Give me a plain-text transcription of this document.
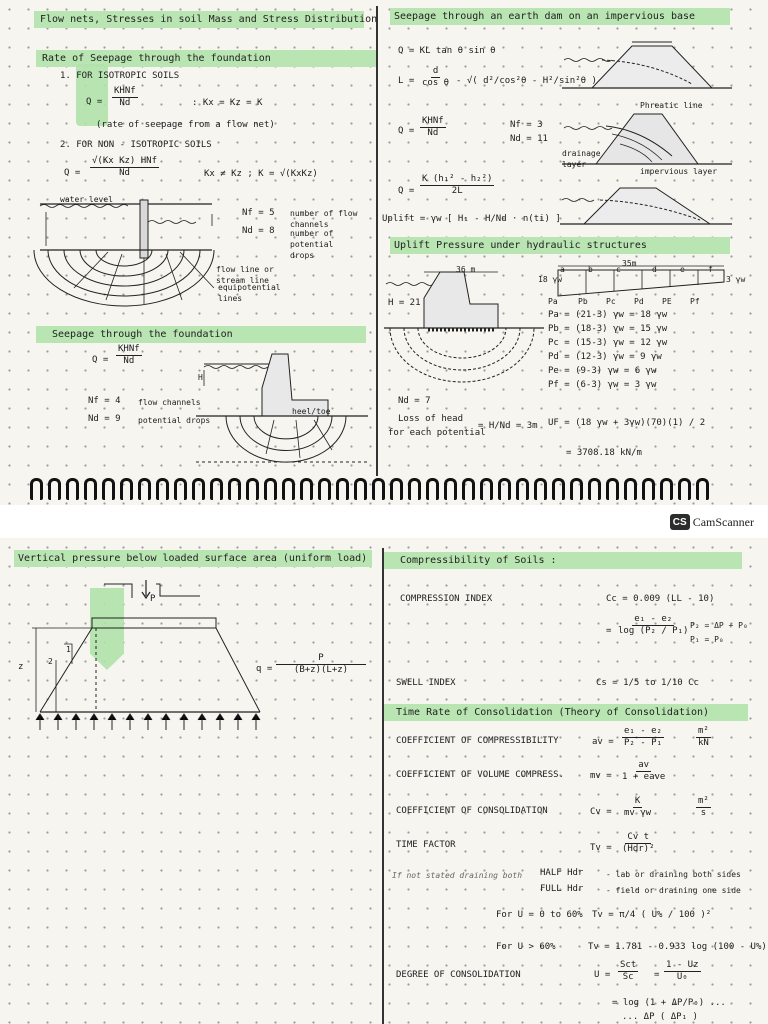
Flow nets, Stresses in soil Mass and Stress Distribution
Rate of Seepage through the foundation
1. FOR ISOTROPIC SOILS
Q =
KHNf
Nd	: Kx = Kz = K
(rate of seepage from a flow net)
2. FOR NON - ISOTROPIC SOILS
Q =
√(Kx Kz) HNf
Nd	Kx ≠ Kz ; K = √(KxKz)
water level
Nf = 5 number of flow channels
Nd = 8 number of potential drops
flow line or stream line
equipotential lines
Seepage through the foundation
Q =
KHNf
Nd
Nf = 4 flow channels
Nd = 9 potential drops
H
heel/toe
Seepage through an earth dam on an impervious base
Q = KL tan θ sin θ
$L = \frac{d}{\text{cos θ}}$ - √( d²/cos²θ - H²/sin²θ )
Q =
KHNf
Nd
Nf = 3
Nd = 11
Phreatic line
drainage layer
impervious layer
$Q = \frac{\text{K (h₁² - h₂²)}}{2L}$
Uplift = γw [ H₁ - H/Nd · n(ti) ]
Uplift Pressure under hydraulic structures
36 m
H = 21
35m
18 γw	3 γw
a	b	c	d	e	f
Pa	Pb Pc Pd PE Pf
Pa = (21-3) γw = 18 γw
Pb = (18-3) γw = 15 γw
Pc = (15-3) γw = 12 γw
Pd = (12-3) γw = 9 γw
Pe = (9-3) γw = 6 γw
Pf = (6-3) γw = 3 γw
Nd = 7
Loss of head
for each potential
= H/Nd = 3m UF = (18 γw + 3γw)(70)(1) / 2
= 3708.18 kN/m
CS CamScanner
Vertical pressure below loaded surface area (uniform load)
P
z
1
2
$q = \frac{P}{(B+z)(L+z)}$
Compressibility of Soils :
COMPRESSION INDEX	Cc = 0.009 (LL - 10)
= $\frac{\text{e₁ - e₂}}{\text{log (P₂ / P₁)}} P_2 = \Delta P + P_0$
P₁ = P₀
SWELL INDEX	Cs = 1/5 to 1/10 Cc
Time Rate of Consolidation (Theory of Consolidation)
COEFFICIENT OF COMPRESSIBILITY	av = $\frac{\text{e₁ - e₂}}{\text{P₂ - P₁}}$	$\frac{\text{m²}}{kN}$
COEFFICIENT OF VOLUME COMPRESS.	mv =
av
1 + eave
COEFFICIENT OF CONSOLIDATION	$Cv = \frac{K}{\text{mv γw}}$	$\frac{\text{m²}}{s}$
TIME FACTOR	Tv =
Cv t
(Hdr)²
If not stated draining both HALF Hdr	- lab or draining both sides
FULL Hdr	- field or draining one side
For U = 0 to 60% Tv = π/4 ( U% / 100 )²
For U > 60%	Tv = 1.781 - 0.933 log (100 - U%)
DEGREE OF CONSOLIDATION	U =
Sct
$Sc = \frac{1 - Uz}{\text{U₀}}$
= log (1 + ΔP/P₀) ...
... ΔP ( ΔP₁ )
